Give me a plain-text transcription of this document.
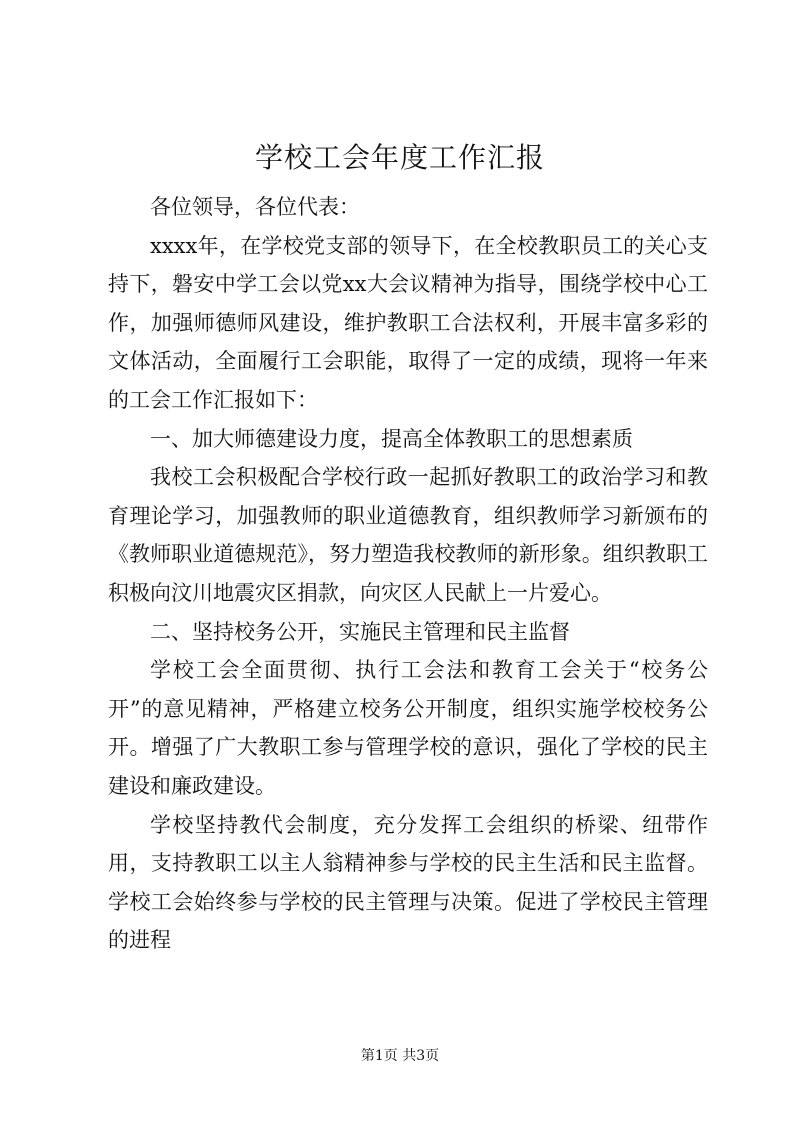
学校工会年度工作汇报

各位领导，各位代表：

xxxx年，在学校党支部的领导下，在全校教职员工的关心支持下，磐安中学工会以党xx大会议精神为指导，围绕学校中心工作，加强师德师风建设，维护教职工合法权利，开展丰富多彩的文体活动，全面履行工会职能，取得了一定的成绩，现将一年来的工会工作汇报如下：

一、加大师德建设力度，提高全体教职工的思想素质

我校工会积极配合学校行政一起抓好教职工的政治学习和教育理论学习，加强教师的职业道德教育，组织教师学习新颁布的《教师职业道德规范》，努力塑造我校教师的新形象。组织教职工积极向汶川地震灾区捐款，向灾区人民献上一片爱心。

二、坚持校务公开，实施民主管理和民主监督

学校工会全面贯彻、执行工会法和教育工会关于“校务公开”的意见精神，严格建立校务公开制度，组织实施学校校务公开。增强了广大教职工参与管理学校的意识，强化了学校的民主建设和廉政建设。

学校坚持教代会制度，充分发挥工会组织的桥梁、纽带作用，支持教职工以主人翁精神参与学校的民主生活和民主监督。学校工会始终参与学校的民主管理与决策。促进了学校民主管理的进程

第1页 共3页
